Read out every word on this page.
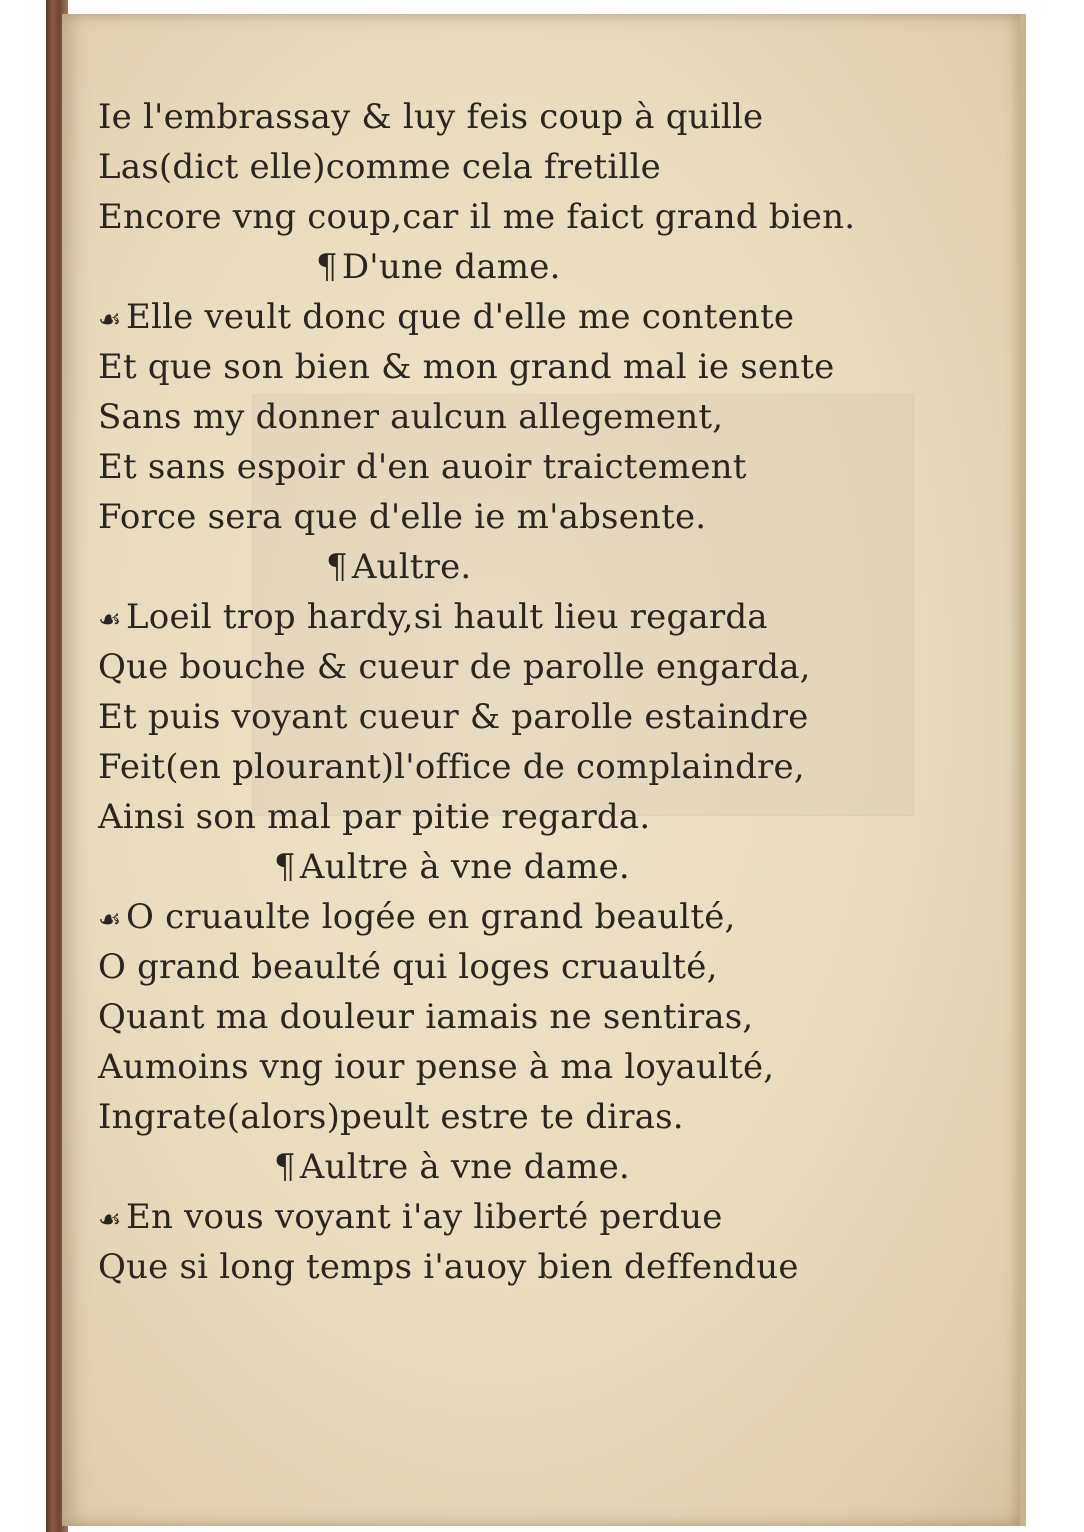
Ie l'embrassay & luy feis coup à quille
Las(dict elle)comme cela fretille
Encore vng coup,car il me faict grand bien.
¶ D'une dame.
☙ Elle veult donc que d'elle me contente
Et que son bien & mon grand mal ie sente
Sans my donner aulcun allegement,
Et sans espoir d'en auoir traictement
Force sera que d'elle ie m'absente.
¶ Aultre.
☙ Loeil trop hardy,si hault lieu regarda
Que bouche & cueur de parolle engarda,
Et puis voyant cueur & parolle estaindre
Feit(en plourant)l'office de complaindre,
Ainsi son mal par pitie regarda.
¶ Aultre à vne dame.
☙ O cruaulte logée en grand beaulté,
O grand beaulté qui loges cruaulté,
Quant ma douleur iamais ne sentiras,
Aumoins vng iour pense à ma loyaulté,
Ingrate(alors)peult estre te diras.
¶ Aultre à vne dame.
☙ En vous voyant i'ay liberté perdue
Que si long temps i'auoy bien deffendue
